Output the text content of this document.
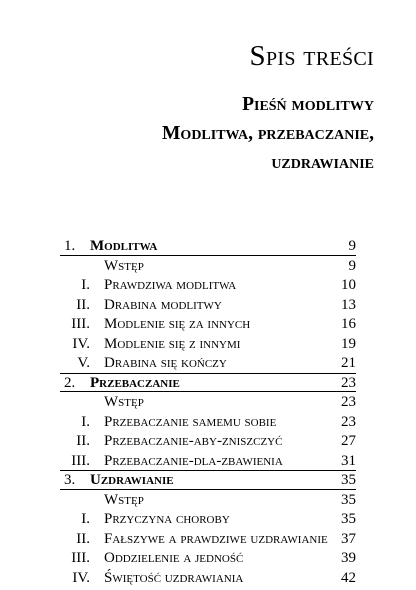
Spis treści
Pieśń modlitwy
Modlitwa, przebaczanie,
uzdrawianie
1. Modlitwa	9
Wstęp	9
I. Prawdziwa modlitwa	10
II. Drabina modlitwy	13
III. Modlenie się za innych	16
IV. Modlenie się z innymi	19
V. Drabina się kończy	21
2. Przebaczanie	23
Wstęp	23
I. Przebaczanie samemu sobie	23
II. Przebaczanie-aby-zniszczyć	27
III. Przebaczanie-dla-zbawienia	31
3. Uzdrawianie	35
Wstęp	35
I. Przyczyna choroby	35
II. Fałszywe a prawdziwe uzdrawianie 37
III. Oddzielenie a jedność	39
IV. Świętość uzdrawiania	42
